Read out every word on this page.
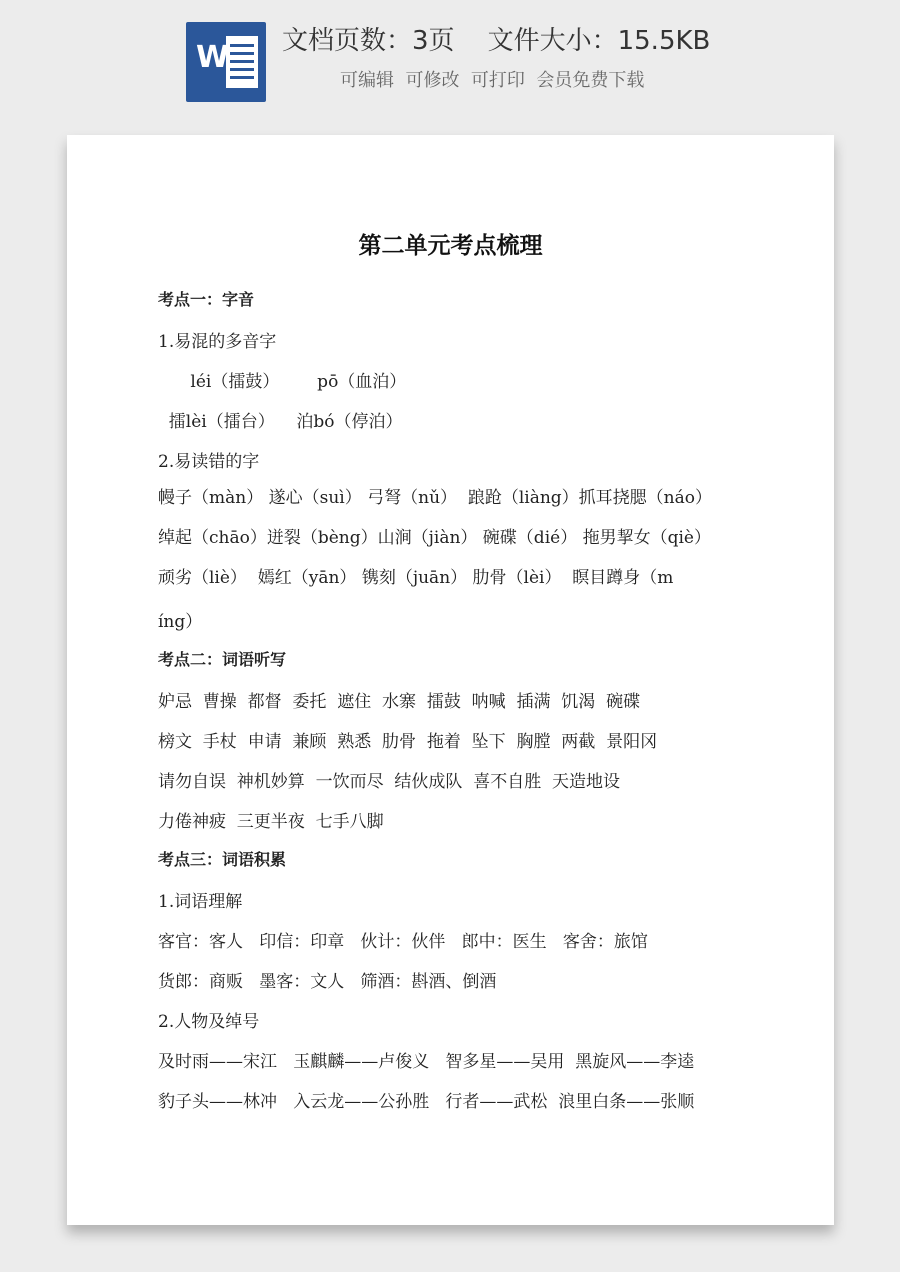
W 文档页数：3页    文件大小：15.5KB
可编辑  可修改  可打印  会员免费下载
第二单元考点梳理
考点一：字音
1.易混的多音字
léi（擂鼓）       pō（血泊）
擂lèi（擂台）    泊bó（停泊）
2.易读错的字
幔子（màn） 遂心（suì） 弓弩（nǔ）  踉跄（liàng）抓耳挠腮（náo）
绰起（chāo）迸裂（bèng）山涧（jiàn） 碗碟（dié） 拖男挈女（qiè）
顽劣（liè）  嫣红（yān） 镌刻（juān） 肋骨（lèi）  瞑目蹲身（m
íng）
考点二：词语听写
妒忌  曹操  都督  委托  遮住  水寨  擂鼓  呐喊  插满  饥渴  碗碟
榜文  手杖  申请  兼顾  熟悉  肋骨  拖着  坠下  胸膛  两截  景阳冈
请勿自误  神机妙算  一饮而尽  结伙成队  喜不自胜  天造地设
力倦神疲  三更半夜  七手八脚
考点三：词语积累
1.词语理解
客官：客人   印信：印章   伙计：伙伴   郎中：医生   客舍：旅馆
货郎：商贩   墨客：文人   筛酒：斟酒、倒酒
2.人物及绰号
及时雨——宋江   玉麒麟——卢俊义   智多星——吴用  黑旋风——李逵
豹子头——林冲   入云龙——公孙胜   行者——武松  浪里白条——张顺
